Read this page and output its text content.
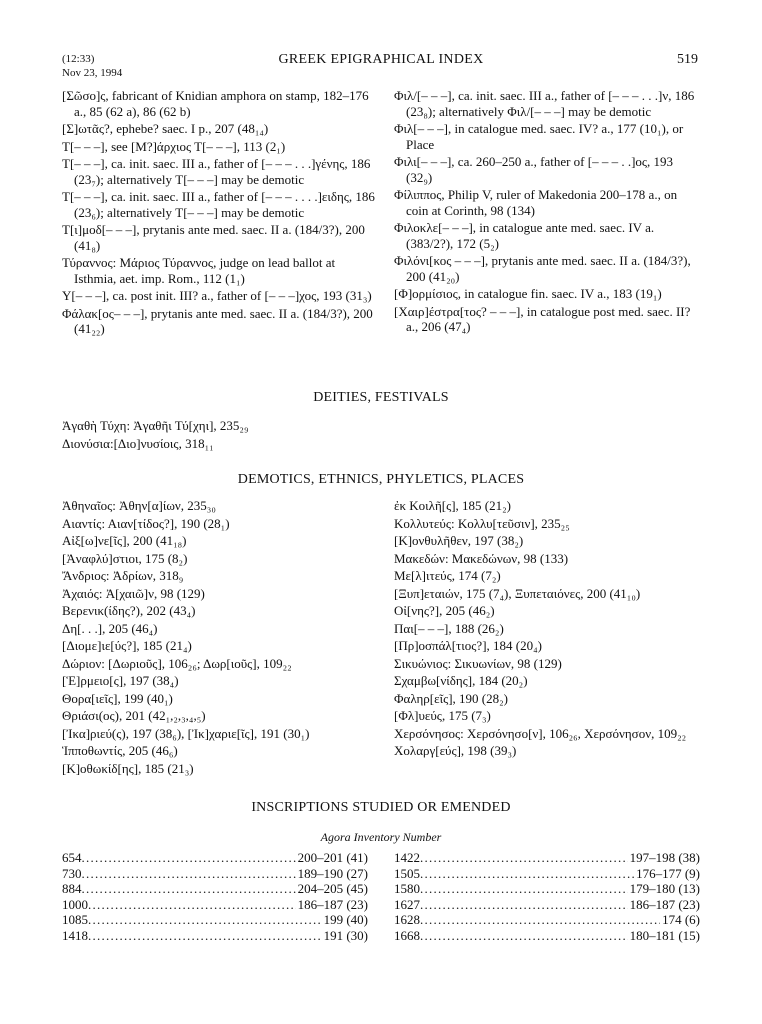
(12:33)
Nov 23, 1994
GREEK EPIGRAPHICAL INDEX	519
[Σῶσο]ς, fabricant of Knidian amphora on stamp, 182–176 a., 85 (62 a), 86 (62 b)
[Σ]ωτᾶς?, ephebe? saec. I p., 207 (48₁₄)
Τ[– – –], see [Μ?]άρχιος Τ[– – –], 113 (2₁)
Τ[– – –], ca. init. saec. III a., father of [– – – . . .]γένης, 186 (23₇); alternatively Τ[– – –] may be demotic
Τ[– – –], ca. init. saec. III a., father of [– – – . . . .]ειδης, 186 (23₆); alternatively Τ[– – –] may be demotic
Τ[ι]μοδ[– – –], prytanis ante med. saec. II a. (184/3?), 200 (41₈)
Τύραννος: Μάριος Τύραννος, judge on lead ballot at Isthmia, aet. imp. Rom., 112 (1₁)
Υ[– – –], ca. post init. III? a., father of [– – –]χος, 193 (31₃)
Φάλακ[ος– – –], prytanis ante med. saec. II a. (184/3?), 200 (41₂₂)
Φιλ/[– – –], ca. init. saec. III a., father of [– – – . . .]ν, 186 (23₈); alternatively Φιλ/[– – –] may be demotic
Φιλ[– – –], in catalogue med. saec. IV? a., 177 (10₁), or Place
Φιλι[– – –], ca. 260–250 a., father of [– – – . .]ος, 193 (32₉)
Φίλιππος, Philip V, ruler of Makedonia 200–178 a., on coin at Corinth, 98 (134)
Φιλοκλε[– – –], in catalogue ante med. saec. IV a. (383/2?), 172 (5₂)
Φιλόνι[κος – – –], prytanis ante med. saec. II a. (184/3?), 200 (41₂₀)
[Φ]ορμίσιος, in catalogue fin. saec. IV a., 183 (19₁)
[Χαιρ]έστρα[τος? – – –], in catalogue post med. saec. II? a., 206 (47₄)
DEITIES, FESTIVALS
Ἀγαθὴ Τύχη: Ἀγαθῆι Τύ[χηι], 235₂₉
Διονύσια:[Διο]νυσίοις, 318₁₁
DEMOTICS, ETHNICS, PHYLETICS, PLACES
Ἀθηναῖος: Ἀθην[α]ίων, 235₃₀
Αιαντίς: Αιαν[τίδος?], 190 (28₁)
Αἰξ[ω]νε[ῖς], 200 (41₁₈)
[Ἀναφλύ]στιοι, 175 (8₂)
Ἄνδριος: Ἀδρίων, 318₉
Ἀχαιός: Ἀ[χαιῶ]ν, 98 (129)
Βερενικ(ίδης?), 202 (43₄)
Δη[. . .], 205 (46₄)
[Διομε]ιε[ύς?], 185 (21₄)
Δώριον: [Δωριοῦς], 106₂₆; Δωρ[ιοῦς], 109₂₂
[Ἑ]ρμειο[ς], 197 (38₄)
Θορα[ιεῖς], 199 (40₁)
Θριάσι(ος), 201 (42₁,₂,₃,₄,₅)
[Ἰκα]ριεύ(ς), 197 (38₆), [Ἰκ]χαριε[ῖς], 191 (30₁)
Ἱπποθωντίς, 205 (46₆)
[Κ]οθωκίδ[ης], 185 (21₃)
ἐκ Κοιλῆ[ς], 185 (21₂)
Κολλυτεύς: Κολλυ[τεῦσιν], 235₂₅
[Κ]ονθυλῆθεν, 197 (38₂)
Μακεδών: Μακεδώνων, 98 (133)
Με[λ]ιτεύς, 174 (7₂)
[Ξυπ]εταιών, 175 (7₄), Ξυπεταιόνες, 200 (41₁₀)
Οἰ[νης?], 205 (46₂)
Παι[– – –], 188 (26₂)
[Πρ]οσπάλ[τιος?], 184 (20₄)
Σικυώνιος: Σικυωνίων, 98 (129)
Σχαμβω[νίδης], 184 (20₂)
Φαληρ[εῖς], 190 (28₂)
[Φλ]υεύς, 175 (7₃)
Χερσόνησος: Χερσόνησο[ν], 106₂₆, Χερσόνησον, 109₂₂
Χολαργ[εύς], 198 (39₃)
INSCRIPTIONS STUDIED OR EMENDED
Agora Inventory Number
654 . . .	200–201 (41)
730 . . .	189–190 (27)
884 . . .	204–205 (45)
1000 . . .	186–187 (23)
1085 . . .	199 (40)
1418 . . .	191 (30)
1422 . . .	197–198 (38)
1505 . . .	176–177 (9)
1580 . . .	179–180 (13)
1627 . . .	186–187 (23)
1628 . . .	174 (6)
1668 . . .	180–181 (15)
